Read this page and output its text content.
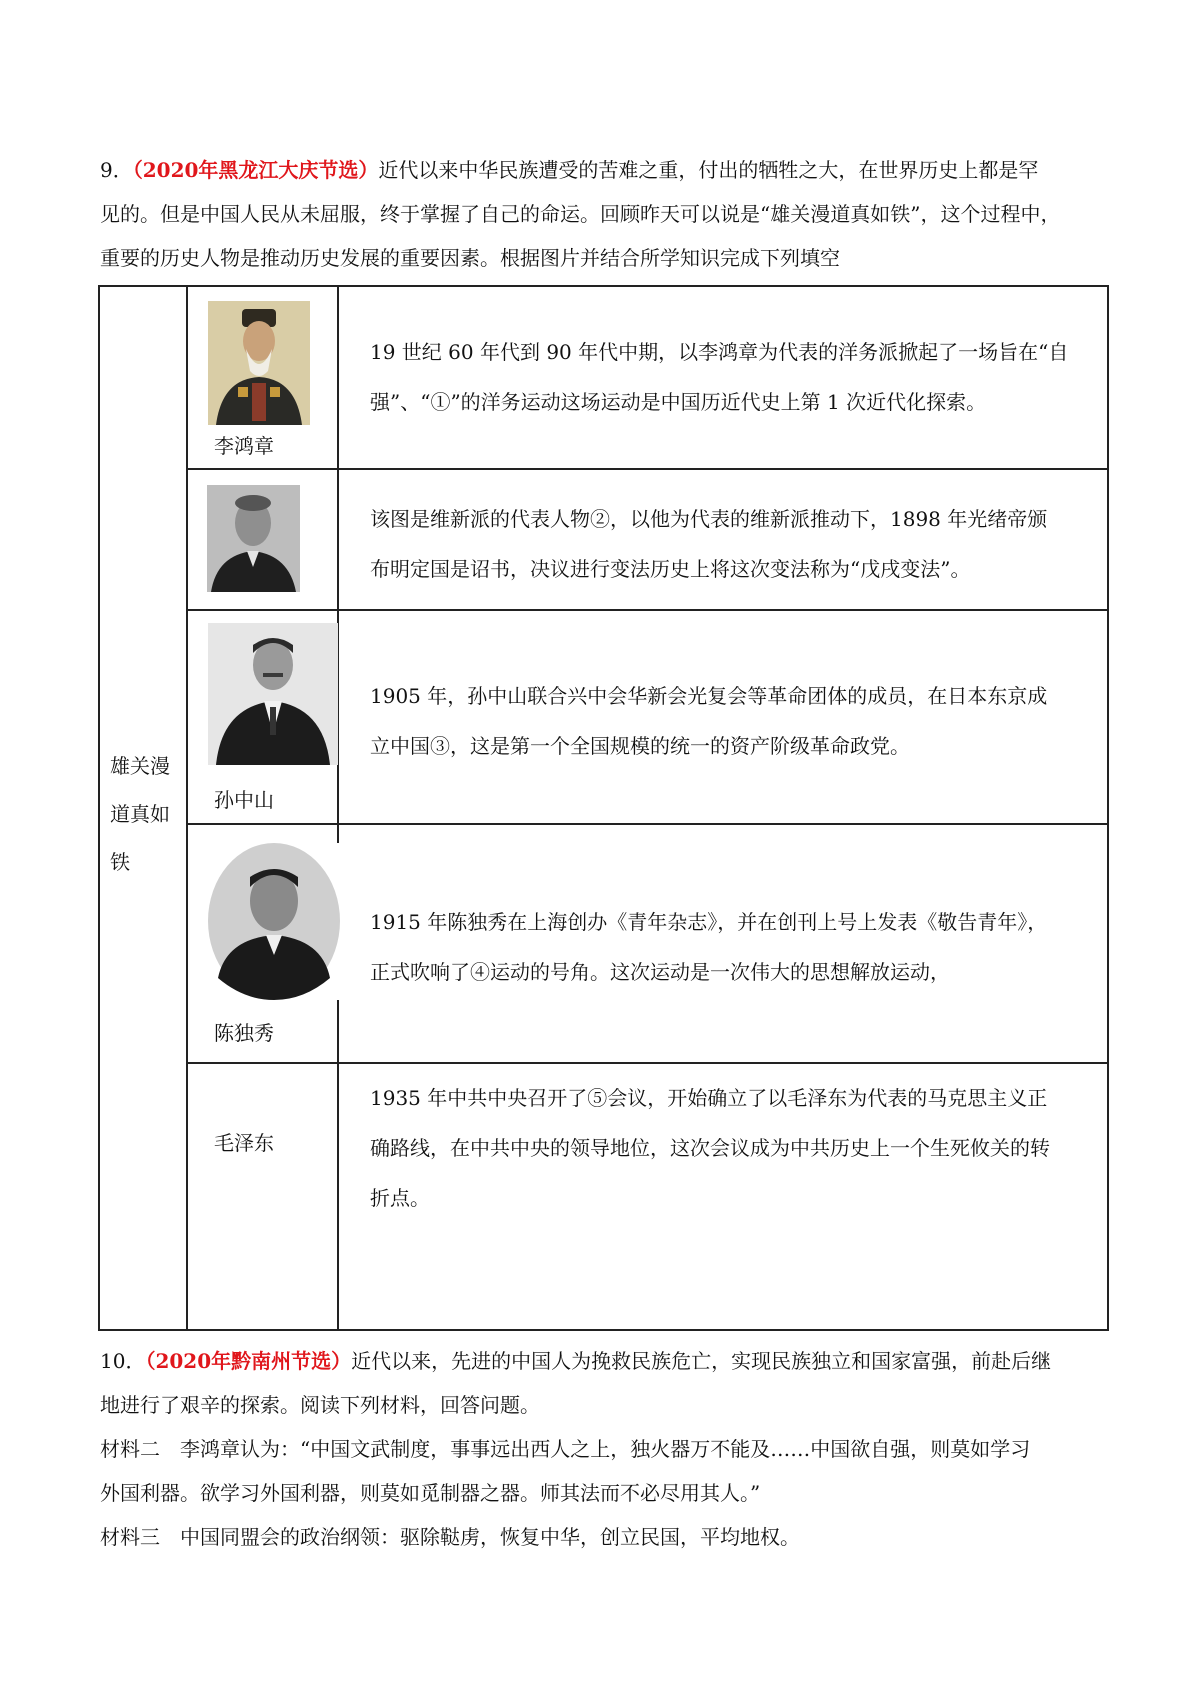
9．（2020年黑龙江大庆节选）近代以来中华民族遭受的苦难之重，付出的牺牲之大，在世界历史上都是罕
见的。但是中国人民从未屈服，终于掌握了自己的命运。回顾昨天可以说是“雄关漫道真如铁”，这个过程中，
重要的历史人物是推动历史发展的重要因素。根据图片并结合所学知识完成下列填空
雄关漫
道真如
铁
李鸿章
19 世纪 60 年代到 90 年代中期，以李鸿章为代表的洋务派掀起了一场旨在“自
强”、“①”的洋务运动这场运动是中国历近代史上第 1 次近代化探索。
该图是维新派的代表人物②，以他为代表的维新派推动下，1898 年光绪帝颁
布明定国是诏书，决议进行变法历史上将这次变法称为“戊戌变法”。
孙中山
1905 年，孙中山联合兴中会华新会光复会等革命团体的成员，在日本东京成
立中国③，这是第一个全国规模的统一的资产阶级革命政党。
陈独秀
1915 年陈独秀在上海创办《青年杂志》，并在创刊上号上发表《敬告青年》，
正式吹响了④运动的号角。这次运动是一次伟大的思想解放运动，
毛泽东
1935 年中共中央召开了⑤会议，开始确立了以毛泽东为代表的马克思主义正
确路线，在中共中央的领导地位，这次会议成为中共历史上一个生死攸关的转
折点。
10．（2020年黔南州节选）近代以来，先进的中国人为挽救民族危亡，实现民族独立和国家富强，前赴后继
地进行了艰辛的探索。阅读下列材料，回答问题。
材料二　李鸿章认为：“中国文武制度，事事远出西人之上，独火器万不能及……中国欲自强，则莫如学习
外国利器。欲学习外国利器，则莫如觅制器之器。师其法而不必尽用其人。”
材料三　中国同盟会的政治纲领：驱除鞑虏，恢复中华，创立民国，平均地权。
